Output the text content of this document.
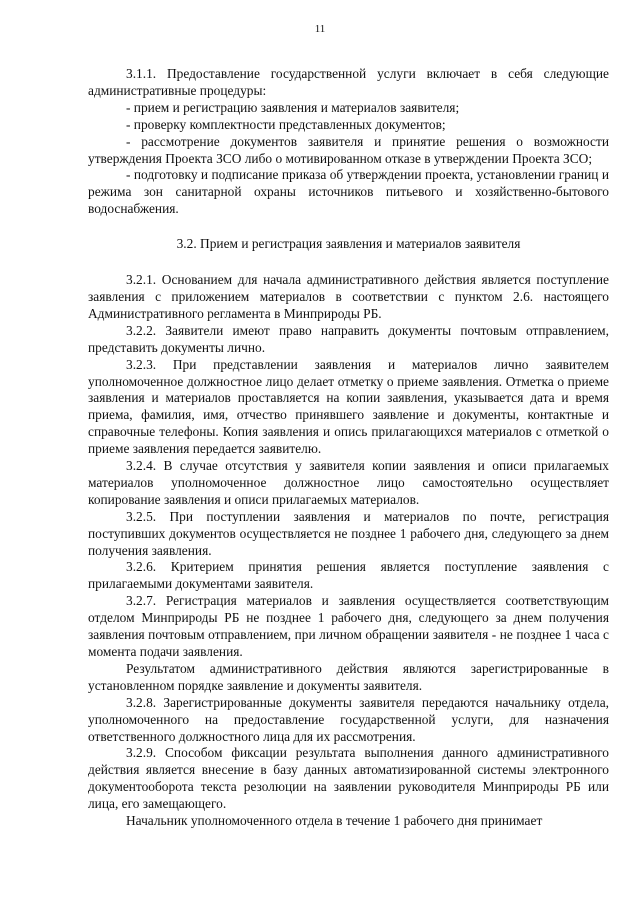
11

3.1.1. Предоставление государственной услуги включает в себя следующие административные процедуры:

- прием и регистрацию заявления и материалов заявителя;

- проверку комплектности представленных документов;

- рассмотрение документов заявителя и принятие решения о возможности утверждения Проекта ЗСО либо о мотивированном отказе в утверждении Проекта ЗСО;

- подготовку и подписание приказа об утверждении проекта, установлении границ и режима зон санитарной охраны источников питьевого и хозяйственно-бытового водоснабжения.

3.2. Прием и регистрация заявления и материалов заявителя

3.2.1. Основанием для начала административного действия является поступление заявления с приложением материалов в соответствии с пунктом 2.6. настоящего Административного регламента в Минприроды РБ.

3.2.2. Заявители имеют право направить документы почтовым отправлением, представить документы лично.

3.2.3. При представлении заявления и материалов лично заявителем уполномоченное должностное лицо делает отметку о приеме заявления. Отметка о приеме заявления и материалов проставляется на копии заявления, указывается дата и время приема, фамилия, имя, отчество принявшего заявление и документы, контактные и справочные телефоны. Копия заявления и опись прилагающихся материалов с отметкой о приеме заявления передается заявителю.

3.2.4. В случае отсутствия у заявителя копии заявления и описи прилагаемых материалов уполномоченное должностное лицо самостоятельно осуществляет копирование заявления и описи прилагаемых материалов.

3.2.5. При поступлении заявления и материалов по почте, регистрация поступивших документов осуществляется не позднее 1 рабочего дня, следующего за днем получения заявления.

3.2.6. Критерием принятия решения является поступление заявления с прилагаемыми документами заявителя.

3.2.7. Регистрация материалов и заявления осуществляется соответствующим отделом Минприроды РБ не позднее 1 рабочего дня, следующего за днем получения заявления почтовым отправлением, при личном обращении заявителя - не позднее 1 часа с момента подачи заявления.

Результатом административного действия являются зарегистрированные в установленном порядке заявление и документы заявителя.

3.2.8. Зарегистрированные документы заявителя передаются начальнику отдела, уполномоченного на предоставление государственной услуги, для назначения ответственного должностного лица для их рассмотрения.

3.2.9. Способом фиксации результата выполнения данного административного действия является внесение в базу данных автоматизированной системы электронного документооборота текста резолюции на заявлении руководителя Минприроды РБ или лица, его замещающего.

Начальник уполномоченного отдела в течение 1 рабочего дня принимает
